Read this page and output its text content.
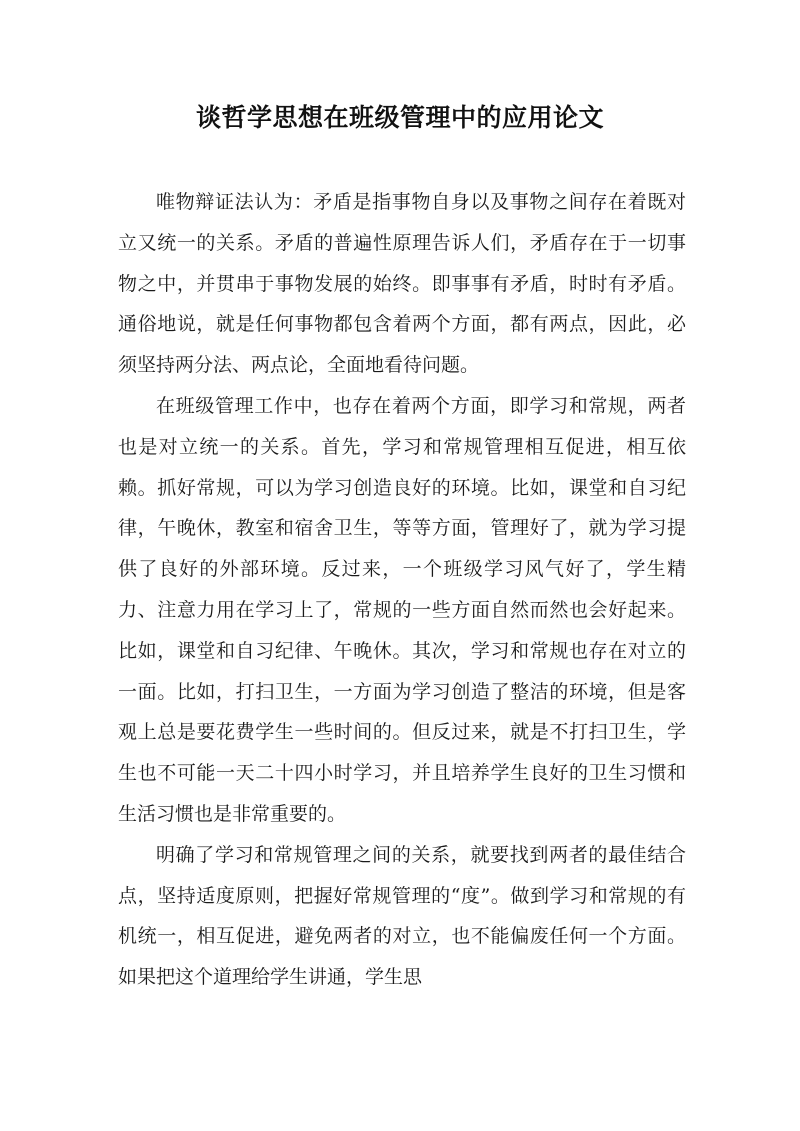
谈哲学思想在班级管理中的应用论文

唯物辩证法认为：矛盾是指事物自身以及事物之间存在着既对立又统一的关系。矛盾的普遍性原理告诉人们，矛盾存在于一切事物之中，并贯串于事物发展的始终。即事事有矛盾，时时有矛盾。通俗地说，就是任何事物都包含着两个方面，都有两点，因此，必须坚持两分法、两点论，全面地看待问题。

在班级管理工作中，也存在着两个方面，即学习和常规，两者也是对立统一的关系。首先，学习和常规管理相互促进，相互依赖。抓好常规，可以为学习创造良好的环境。比如，课堂和自习纪律，午晚休，教室和宿舍卫生，等等方面，管理好了，就为学习提供了良好的外部环境。反过来，一个班级学习风气好了，学生精力、注意力用在学习上了，常规的一些方面自然而然也会好起来。比如，课堂和自习纪律、午晚休。其次，学习和常规也存在对立的一面。比如，打扫卫生，一方面为学习创造了整洁的环境，但是客观上总是要花费学生一些时间的。但反过来，就是不打扫卫生，学生也不可能一天二十四小时学习，并且培养学生良好的卫生习惯和生活习惯也是非常重要的。

明确了学习和常规管理之间的关系，就要找到两者的最佳结合点，坚持适度原则，把握好常规管理的“度”。做到学习和常规的有机统一，相互促进，避免两者的对立，也不能偏废任何一个方面。如果把这个道理给学生讲通，学生思
